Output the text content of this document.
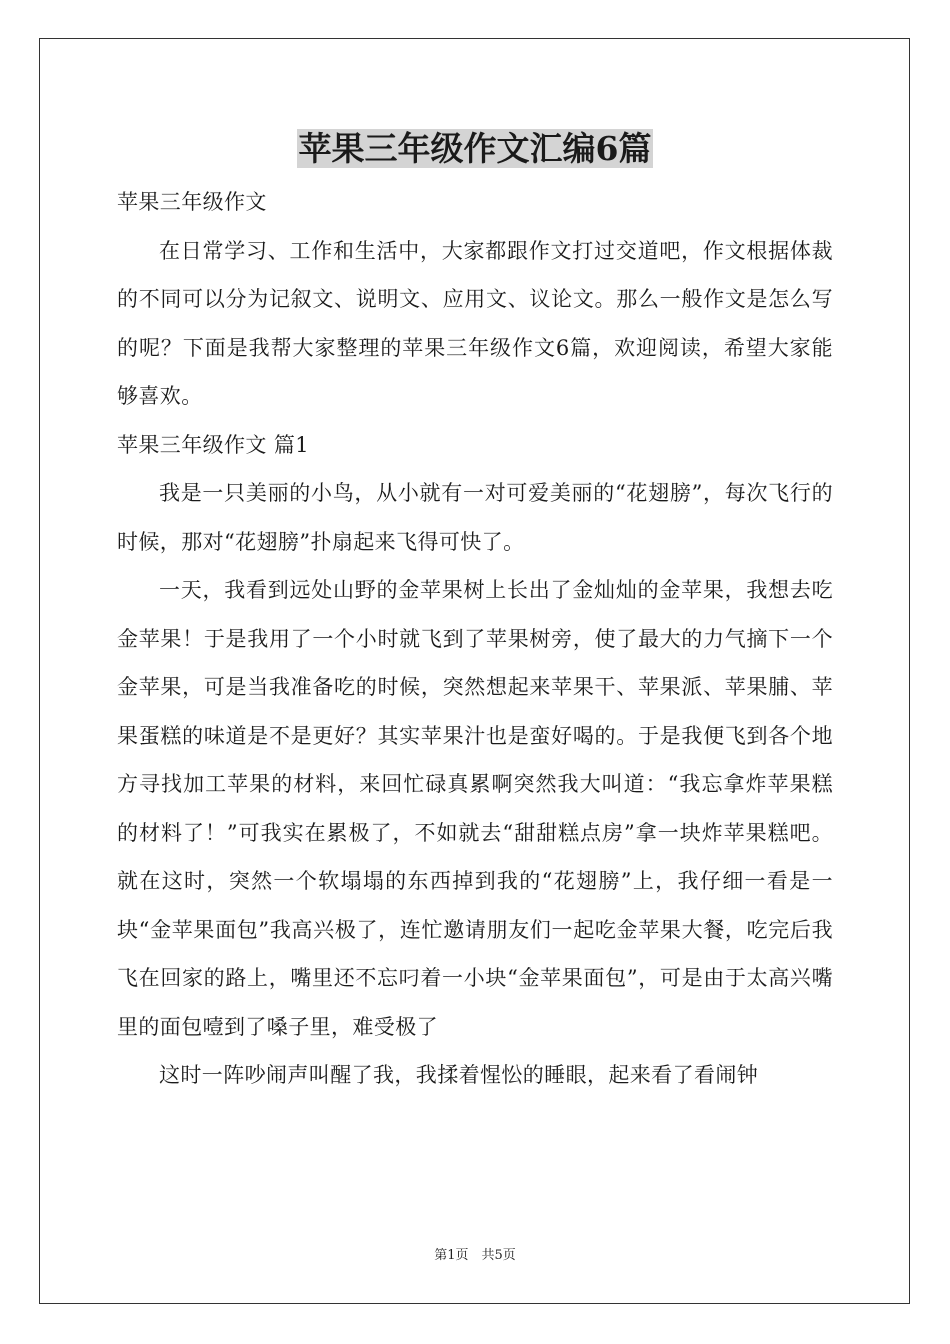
苹果三年级作文汇编6篇

苹果三年级作文

在日常学习、工作和生活中，大家都跟作文打过交道吧，作文根据体裁的不同可以分为记叙文、说明文、应用文、议论文。那么一般作文是怎么写的呢？下面是我帮大家整理的苹果三年级作文6篇，欢迎阅读，希望大家能够喜欢。

苹果三年级作文 篇1

我是一只美丽的小鸟，从小就有一对可爱美丽的“花翅膀”，每次飞行的时候，那对“花翅膀”扑扇起来飞得可快了。

一天，我看到远处山野的金苹果树上长出了金灿灿的金苹果，我想去吃金苹果！于是我用了一个小时就飞到了苹果树旁，使了最大的力气摘下一个金苹果，可是当我准备吃的时候，突然想起来苹果干、苹果派、苹果脯、苹果蛋糕的味道是不是更好？其实苹果汁也是蛮好喝的。于是我便飞到各个地方寻找加工苹果的材料，来回忙碌真累啊突然我大叫道：“我忘拿炸苹果糕的材料了！”可我实在累极了，不如就去“甜甜糕点房”拿一块炸苹果糕吧。就在这时，突然一个软塌塌的东西掉到我的“花翅膀”上，我仔细一看是一块“金苹果面包”我高兴极了，连忙邀请朋友们一起吃金苹果大餐，吃完后我飞在回家的路上，嘴里还不忘叼着一小块“金苹果面包”，可是由于太高兴嘴里的面包噎到了嗓子里，难受极了

这时一阵吵闹声叫醒了我，我揉着惺忪的睡眼，起来看了看闹钟

第1页　共5页
